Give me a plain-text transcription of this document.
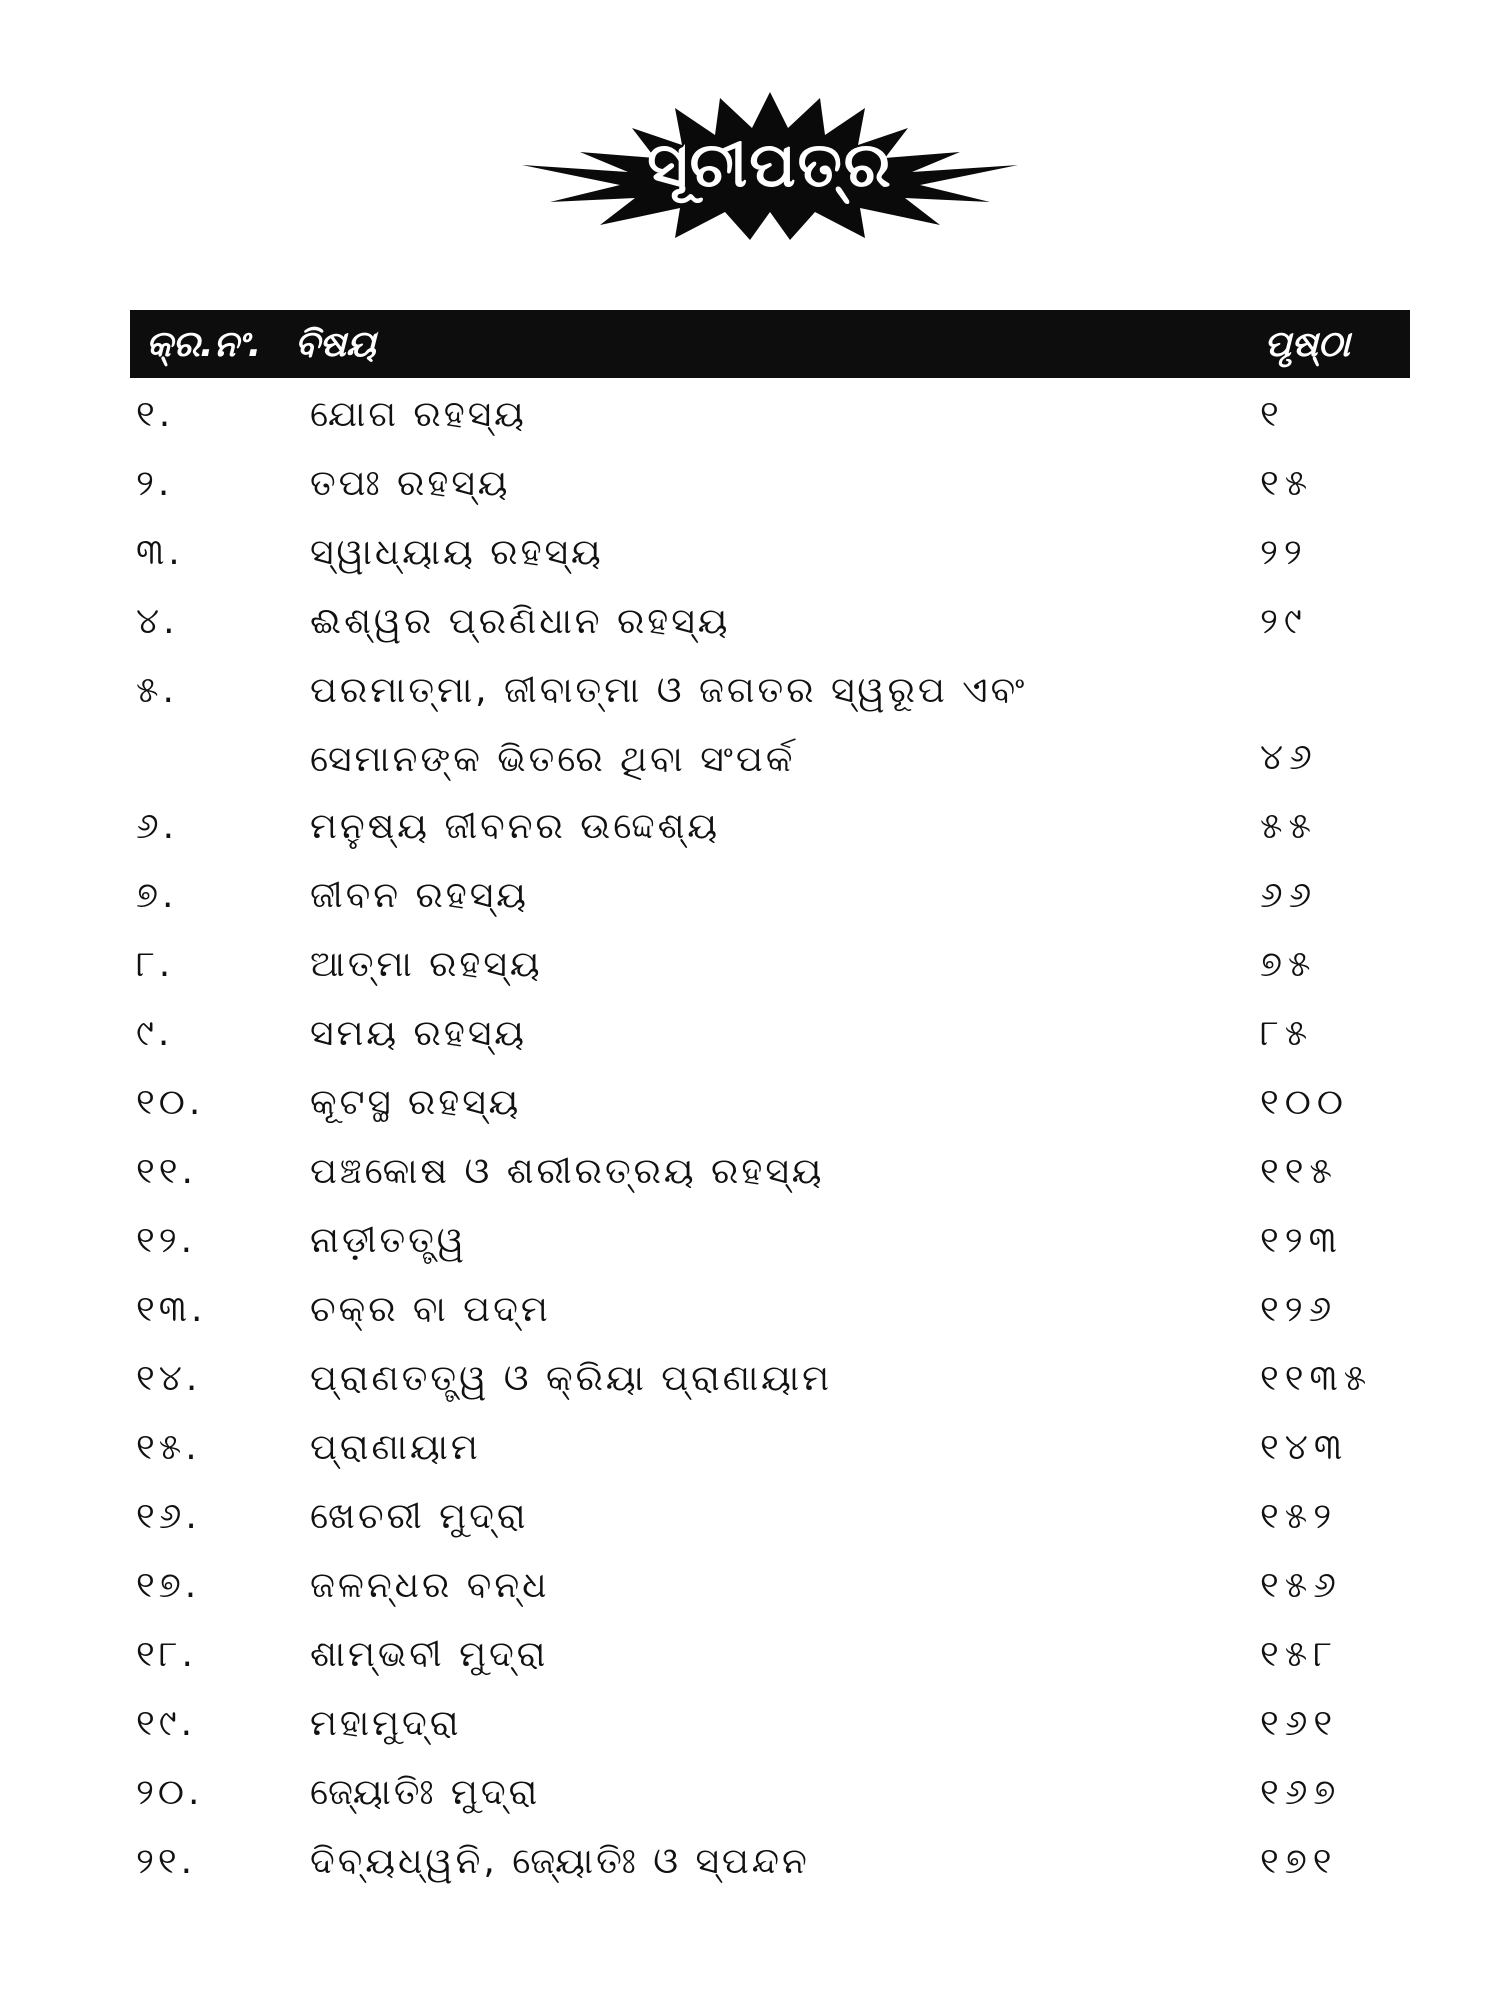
ସୂଚୀପତ୍ର
କ୍ର.ନଂ. ବିଷୟ	ପୃଷ୍ଠା
୧.	ଯୋଗ ରହସ୍ୟ	୧
୨.	ତପଃ ରହସ୍ୟ	୧୫
୩.	ସ୍ୱାଧ୍ୟାୟ ରହସ୍ୟ	୨୨
୪.	ଈଶ୍ୱର ପ୍ରଣିଧାନ ରହସ୍ୟ	୨୯
୫.	ପରମାତ୍ମା, ଜୀବାତ୍ମା ଓ ଜଗତର ସ୍ୱରୂପ ଏବଂ
ସେମାନଙ୍କ ଭିତରେ ଥିବା ସଂପର୍କ	୪୬
୬.	ମନୁଷ୍ୟ ଜୀବନର ଉଦ୍ଦେଶ୍ୟ	୫୫
୭.	ଜୀବନ ରହସ୍ୟ	୬୬
୮.	ଆତ୍ମା ରହସ୍ୟ	୭୫
୯.	ସମୟ ରହସ୍ୟ	୮୫
୧୦.	କୂଟସ୍ଥ ରହସ୍ୟ	୧୦୦
୧୧.	ପଞ୍ଚକୋଷ ଓ ଶରୀରତ୍ରୟ ରହସ୍ୟ	୧୧୫
୧୨.	ନାଡ଼ୀତତ୍ତ୍ୱ	୧୨୩
୧୩.	ଚକ୍ର ବା ପଦ୍ମ	୧୨୬
୧୪.	ପ୍ରାଣତତ୍ତ୍ୱ ଓ କ୍ରିୟା ପ୍ରାଣାୟାମ	୧୧୩୫
୧୫.	ପ୍ରାଣାୟାମ	୧୪୩
୧୬.	ଖେଚରୀ ମୁଦ୍ରା	୧୫୨
୧୭.	ଜଳନ୍ଧର ବନ୍ଧ	୧୫୬
୧୮.	ଶାମ୍ଭବୀ ମୁଦ୍ରା	୧୫୮
୧୯.	ମହାମୁଦ୍ରା	୧୬୧
୨୦.	ଜ୍ୟୋତିଃ ମୁଦ୍ରା	୧୬୭
୨୧.	ଦିବ୍ୟଧ୍ୱନି, ଜ୍ୟୋତିଃ ଓ ସ୍ପନ୍ଦନ	୧୭୧
